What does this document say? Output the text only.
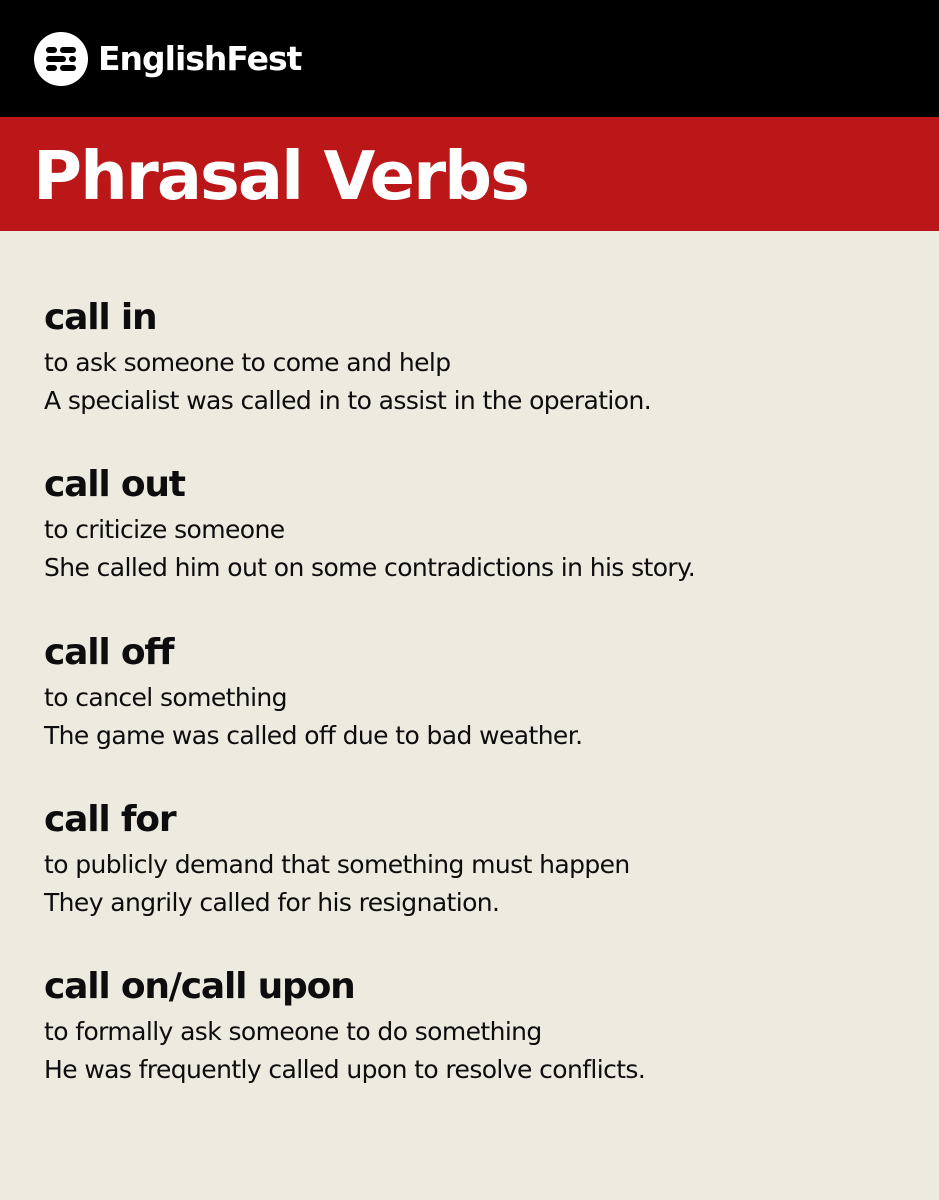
EnglishFest
Phrasal Verbs

call in

to ask someone to come and help

A specialist was called in to assist in the operation.

call out

to criticize someone

She called him out on some contradictions in his story.

call off

to cancel something

The game was called off due to bad weather.

call for

to publicly demand that something must happen

They angrily called for his resignation.

call on/call upon

to formally ask someone to do something

He was frequently called upon to resolve conflicts.
